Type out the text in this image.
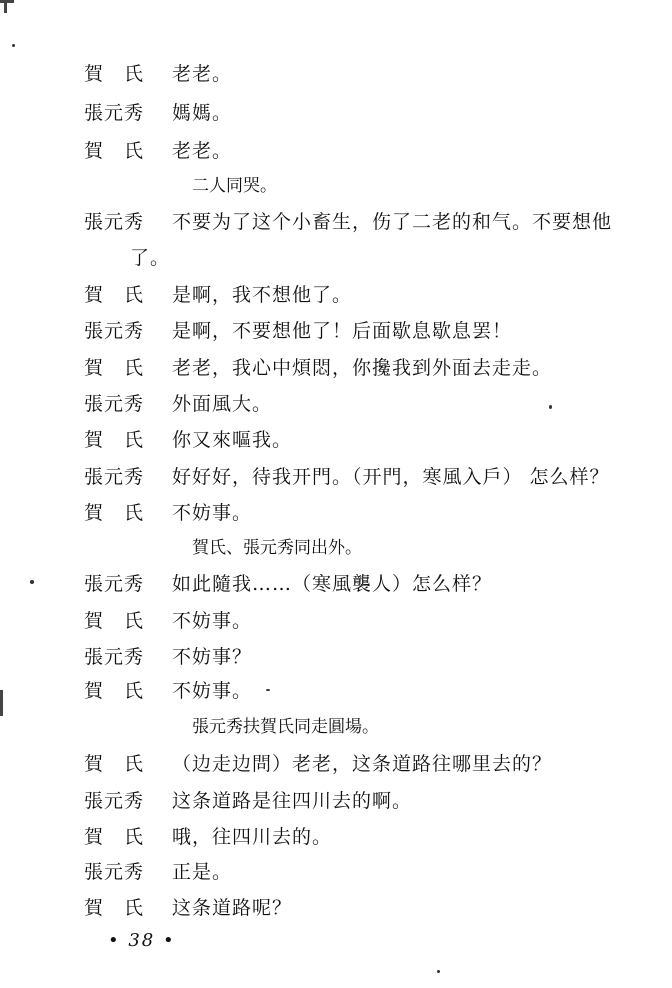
賀　氏	老老。
張元秀	媽媽。
賀　氏	老老。
二人同哭。
張元秀	不要为了这个小畜生，伤了二老的和气。不要想他
了。
賀　氏	是啊，我不想他了。
張元秀	是啊，不要想他了！后面歇息歇息罢！
賀　氏	老老，我心中煩悶，你攙我到外面去走走。
張元秀	外面風大。
賀　氏	你又來嘔我。
張元秀	好好好，待我开門。（开門，寒風入戶） 怎么样？
賀　氏	不妨事。
賀氏、張元秀同出外。
張元秀	如此隨我……（寒風襲人）怎么样？
賀　氏	不妨事。
張元秀	不妨事？
賀　氏	不妨事。
張元秀扶賀氏同走圓場。
賀　氏	（边走边問）老老，这条道路往哪里去的？
張元秀	这条道路是往四川去的啊。
賀　氏	哦，往四川去的。
張元秀	正是。
賀　氏	这条道路呢？
• 38 •
